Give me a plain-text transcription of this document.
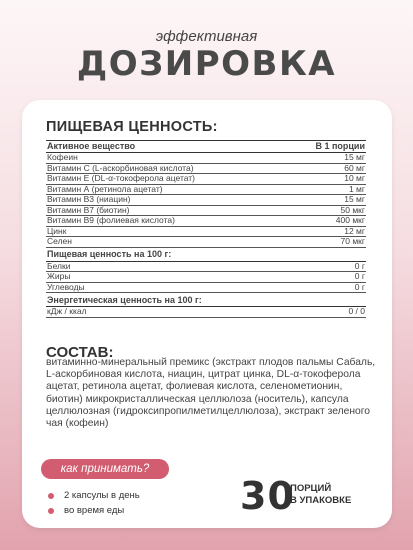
эффективная
ДОЗИРОВКА
ПИЩЕВАЯ ЦЕННОСТЬ:
Активное вещество	В 1 порции
Кофеин	15 мг
Витамин С (L-аскорбиновая кислота)	60 мг
Витамин Е (DL-α-токоферола ацетат)	10 мг
Витамин А (ретинола ацетат)	1 мг
Витамин B3 (ниацин)	15 мг
Витамин B7 (биотин)	50 мкг
Витамин B9 (фолиевая кислота)	400 мкг
Цинк	12 мг
Селен	70 мкг
Пищевая ценность на 100 г:	
Белки	0 г
Жиры	0 г
Углеводы	0 г
Энергетическая ценность на 100 г:	
кДж / ккал	0 / 0
СОСТАВ:
витаминно-минеральный премикс (экстракт плодов пальмы Сабаль, L-аскорбиновая кислота, ниацин, цитрат цинка, DL-α-токоферола ацетат, ретинола ацетат, фолиевая кислота, селенометионин, биотин) микрокристаллическая целлюлоза (носитель), капсула целлюлозная (гидроксипропилметилцеллюлоза), экстракт зеленого чая (кофеин)
как принимать?
2 капсулы в день
во время еды	30
ПОРЦИЙ
В УПАКОВКЕ
